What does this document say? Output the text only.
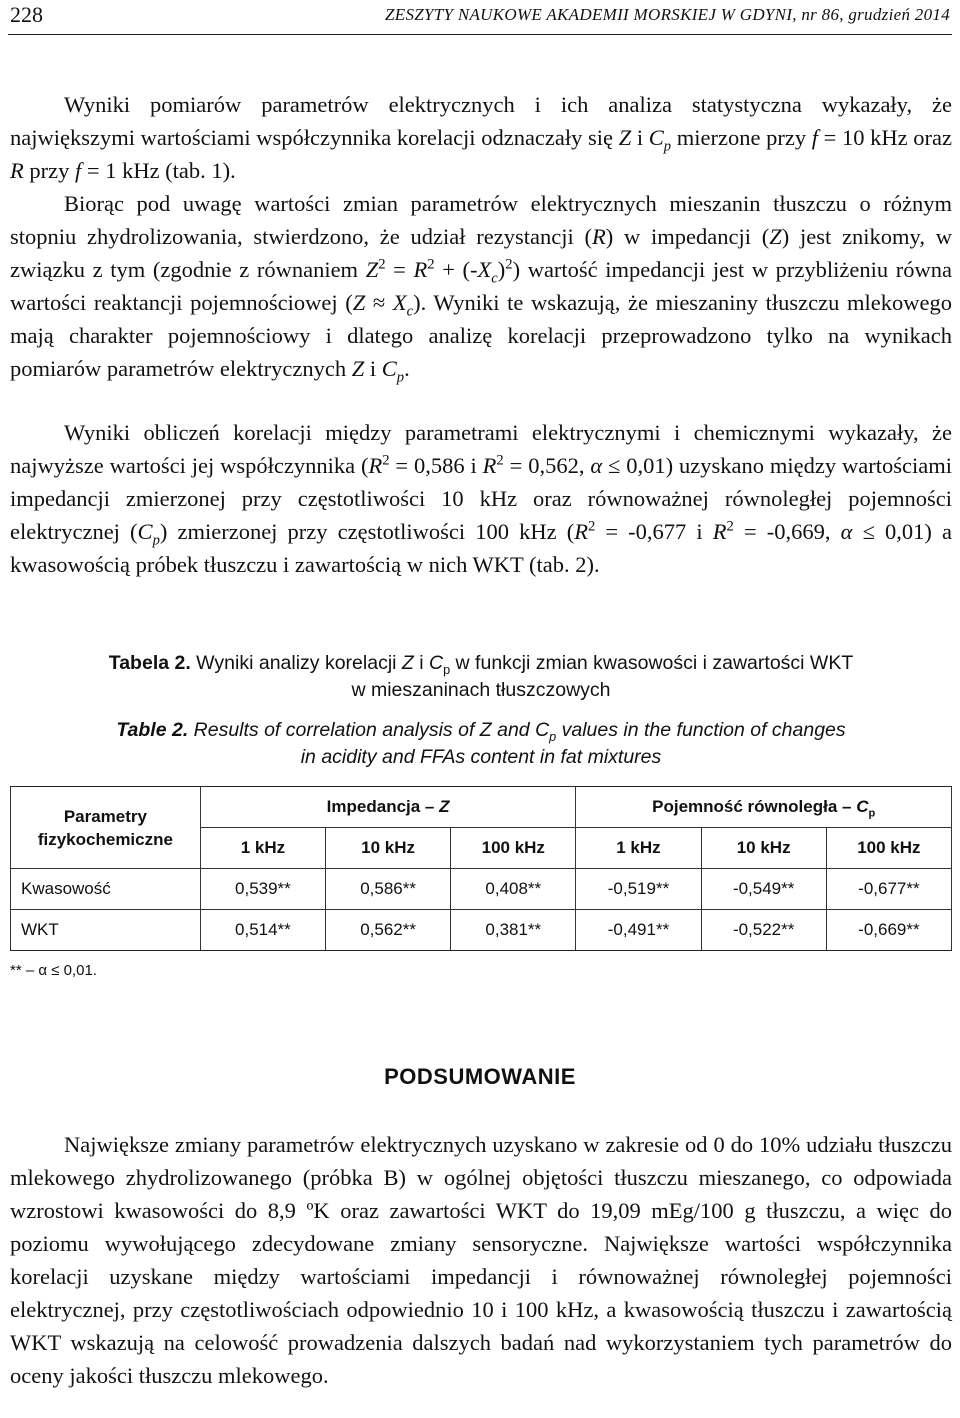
228	ZESZYTY NAUKOWE AKADEMII MORSKIEJ W GDYNI, nr 86, grudzień 2014

Wyniki pomiarów parametrów elektrycznych i ich analiza statystyczna wykazały, że największymi wartościami współczynnika korelacji odznaczały się Z i $C_p$ mierzone przy f = 10 kHz oraz R przy f = 1 kHz (tab. 1).

Biorąc pod uwagę wartości zmian parametrów elektrycznych mieszanin tłuszczu o różnym stopniu zhydrolizowania, stwierdzono, że udział rezystancji (R) w impedancji (Z) jest znikomy, w związku z tym (zgodnie z równaniem $Z^2 = R^2 + (-X_c)^2$) wartość impedancji jest w przybliżeniu równa wartości reaktancji pojemnościowej $(Z \approx X_c)$. Wyniki te wskazują, że mieszaniny tłuszczu mlekowego mają charakter pojemnościowy i dlatego analizę korelacji przeprowadzono tylko na wynikach pomiarów parametrów elektrycznych Z i $C_p$.

Wyniki obliczeń korelacji między parametrami elektrycznymi i chemicznymi wykazały, że najwyższe wartości jej współczynnika ($R^2 = 0,586$ i $R^2 = 0,562$, α ≤ 0,01) uzyskano między wartościami impedancji zmierzonej przy częstotliwości 10 kHz oraz równoważnej równoległej pojemności elektrycznej $(C_p)$ zmierzonej przy częstotliwości 100 kHz ($R^2 = -0,677$ i $R^2 = -0,669$, α ≤ 0,01) a kwasowością próbek tłuszczu i zawartością w nich WKT (tab. 2).

Tabela 2. Wyniki analizy korelacji Z i $C_p$ w funkcji zmian kwasowości i zawartości WKT
w mieszaninach tłuszczowych
Table 2. Results of correlation analysis of Z and $C_p$ values in the function of changes
in acidity and FFAs content in fat mixtures
Parametry
fizykochemiczne	Impedancja – Z			Pojemność równoległa – $C_p$
	1 kHz	10 kHz	100 kHz	1 kHz	10 kHz	100 kHz
Kwasowość	0,539**	0,586**	0,408**	-0,519**	-0,549**	-0,677**
WKT	0,514**	0,562**	0,381**	-0,491**	-0,522**	-0,669**
** – α ≤ 0,01.
PODSUMOWANIE

Największe zmiany parametrów elektrycznych uzyskano w zakresie od 0 do 10% udziału tłuszczu mlekowego zhydrolizowanego (próbka B) w ogólnej objętości tłuszczu mieszanego, co odpowiada wzrostowi kwasowości do 8,9 ºK oraz zawartości WKT do 19,09 mEg/100 g tłuszczu, a więc do poziomu wywołującego zdecydowane zmiany sensoryczne. Największe wartości współczynnika korelacji uzyskane między wartościami impedancji i równoważnej równoległej pojemności elektrycznej, przy częstotliwościach odpowiednio 10 i 100 kHz, a kwasowością tłuszczu i zawartością WKT wskazują na celowość prowadzenia dalszych badań nad wykorzystaniem tych parametrów do oceny jakości tłuszczu mlekowego.
